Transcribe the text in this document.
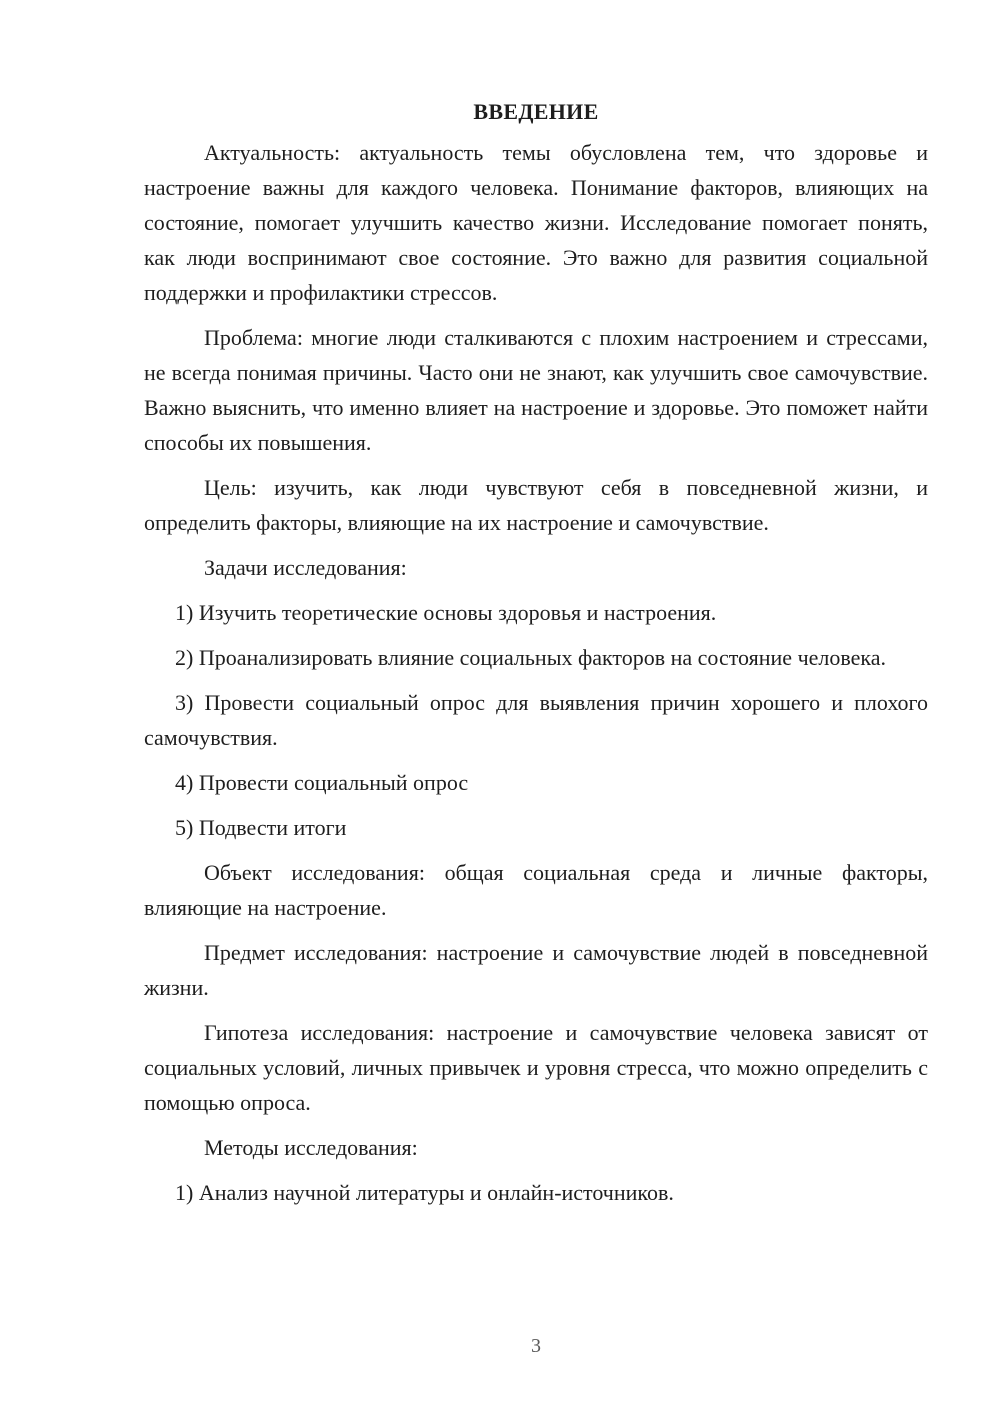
ВВЕДЕНИЕ

Актуальность: актуальность темы обусловлена тем, что здоровье и настроение важны для каждого человека. Понимание факторов, влияющих на состояние, помогает улучшить качество жизни. Исследование помогает понять, как люди воспринимают свое состояние. Это важно для развития социальной поддержки и профилактики стрессов.

Проблема: многие люди сталкиваются с плохим настроением и стрессами, не всегда понимая причины. Часто они не знают, как улучшить свое самочувствие. Важно выяснить, что именно влияет на настроение и здоровье. Это поможет найти способы их повышения.

Цель: изучить, как люди чувствуют себя в повседневной жизни, и определить факторы, влияющие на их настроение и самочувствие.

Задачи исследования:

1) Изучить теоретические основы здоровья и настроения.

2) Проанализировать влияние социальных факторов на состояние человека.

3) Провести социальный опрос для выявления причин хорошего и плохого самочувствия.

4) Провести социальный опрос

5) Подвести итоги

Объект исследования: общая социальная среда и личные факторы, влияющие на настроение.

Предмет исследования: настроение и самочувствие людей в повседневной жизни.

Гипотеза исследования: настроение и самочувствие человека зависят от социальных условий, личных привычек и уровня стресса, что можно определить с помощью опроса.

Методы исследования:

1) Анализ научной литературы и онлайн-источников.

3
